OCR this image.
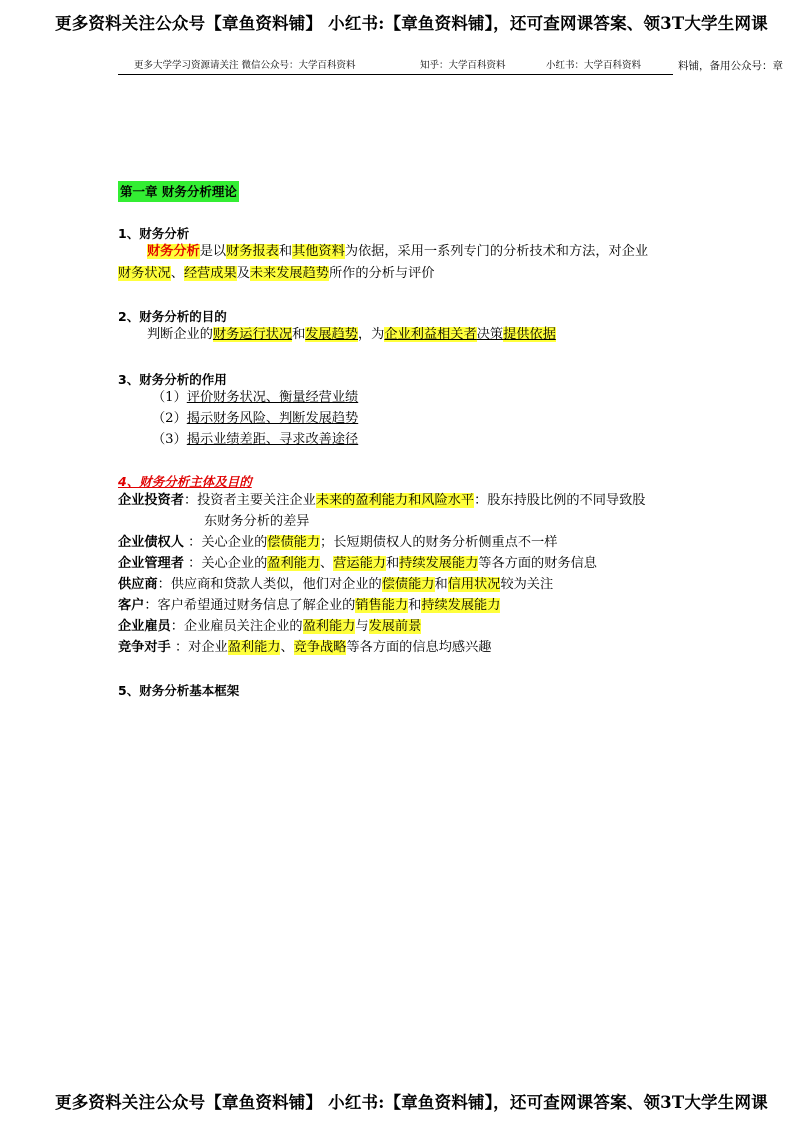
更多资料关注公众号【章鱼资料铺】 小红书:【章鱼资料铺】，还可查网课答案、领3T大学生网课
更多大学学习资源请关注 微信公众号：大学百科资料	知乎：大学百科资料	小红书：大学百科资料	料铺，备用公众号：章
第一章 财务分析理论
1、财务分析
财务分析是以财务报表和其他资料为依据，采用一系列专门的分析技术和方法，对企业
财务状况、经营成果及未来发展趋势所作的分析与评价
2、财务分析的目的
判断企业的财务运行状况和发展趋势，为企业利益相关者决策提供依据
3、财务分析的作用
（1）评价财务状况、衡量经营业绩
（2）揭示财务风险、判断发展趋势
（3）揭示业绩差距、寻求改善途径
4、财务分析主体及目的
企业投资者：投资者主要关注企业未来的盈利能力和风险水平：股东持股比例的不同导致股
东财务分析的差异
企业债权人 ：关心企业的偿债能力；长短期债权人的财务分析侧重点不一样
企业管理者 ：关心企业的盈利能力、营运能力和持续发展能力等各方面的财务信息
供应商：供应商和贷款人类似，他们对企业的偿债能力和信用状况较为关注
客户：客户希望通过财务信息了解企业的销售能力和持续发展能力
企业雇员：企业雇员关注企业的盈利能力与发展前景
竞争对手 ：对企业盈利能力、竞争战略等各方面的信息均感兴趣
5、财务分析基本框架
更多资料关注公众号【章鱼资料铺】 小红书:【章鱼资料铺】，还可查网课答案、领3T大学生网课
